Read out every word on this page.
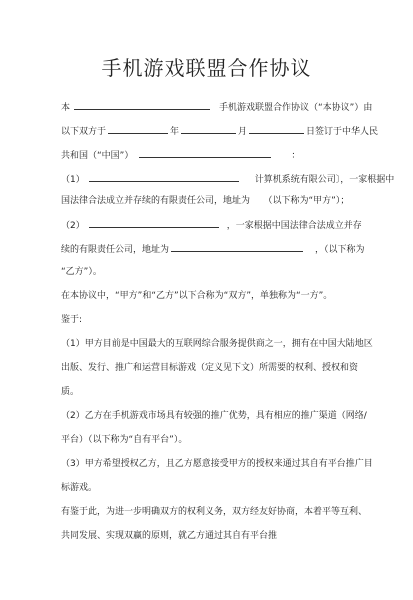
手机游戏联盟合作协议
本	手机游戏联盟合作协议（“本协议”）由
以下双方于	年	月	日签订于中华人民
共和国（“中国”）	：
（1）	计算机系统有限公司〕，一家根据中
国法律合法成立并存续的有限责任公司，地址为　　（以下称为“甲方”）；
（2）	，一家根据中国法律合法成立并存
续的有限责任公司，地址为	，（以下称为
“乙方”）。
在本协议中，“甲方”和“乙方”以下合称为“双方”，单独称为“一方”。
鉴于:
（1）甲方目前是中国最大的互联网综合服务提供商之一，拥有在中国大陆地区
出版、发行、推广和运营目标游戏（定义见下文）所需要的权利、授权和资
质。
（2）乙方在手机游戏市场具有较强的推广优势，具有相应的推广渠道（网络/
平台）（以下称为“自有平台”）。
（3）甲方希望授权乙方，且乙方愿意接受甲方的授权来通过其自有平台推广目
标游戏。
有鉴于此，为进一步明确双方的权利义务，双方经友好协商，本着平等互利、
共同发展、实现双赢的原则，就乙方通过其自有平台推
